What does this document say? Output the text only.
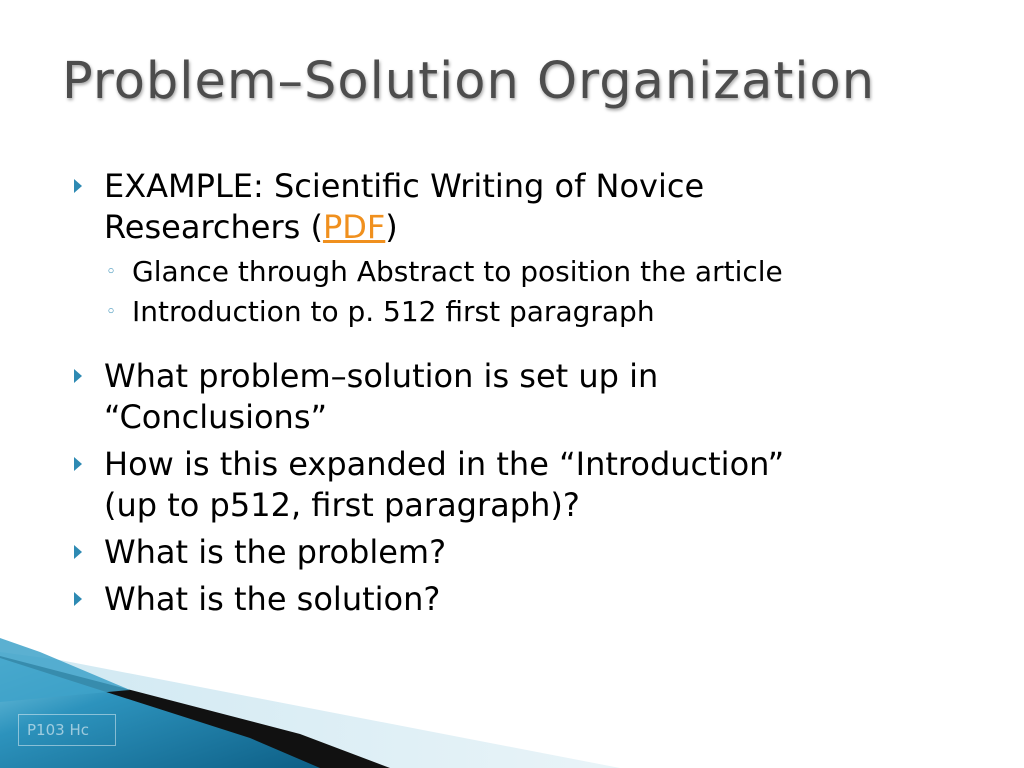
Problem–Solution Organization
EXAMPLE: Scientific Writing of Novice
Researchers (PDF)
◦ Glance through Abstract to position the article
◦ Introduction to p. 512 first paragraph
What problem–solution is set up in
“Conclusions”
How is this expanded in the “Introduction”
(up to p512, first paragraph)?
What is the problem?
What is the solution?
P103 Hc
